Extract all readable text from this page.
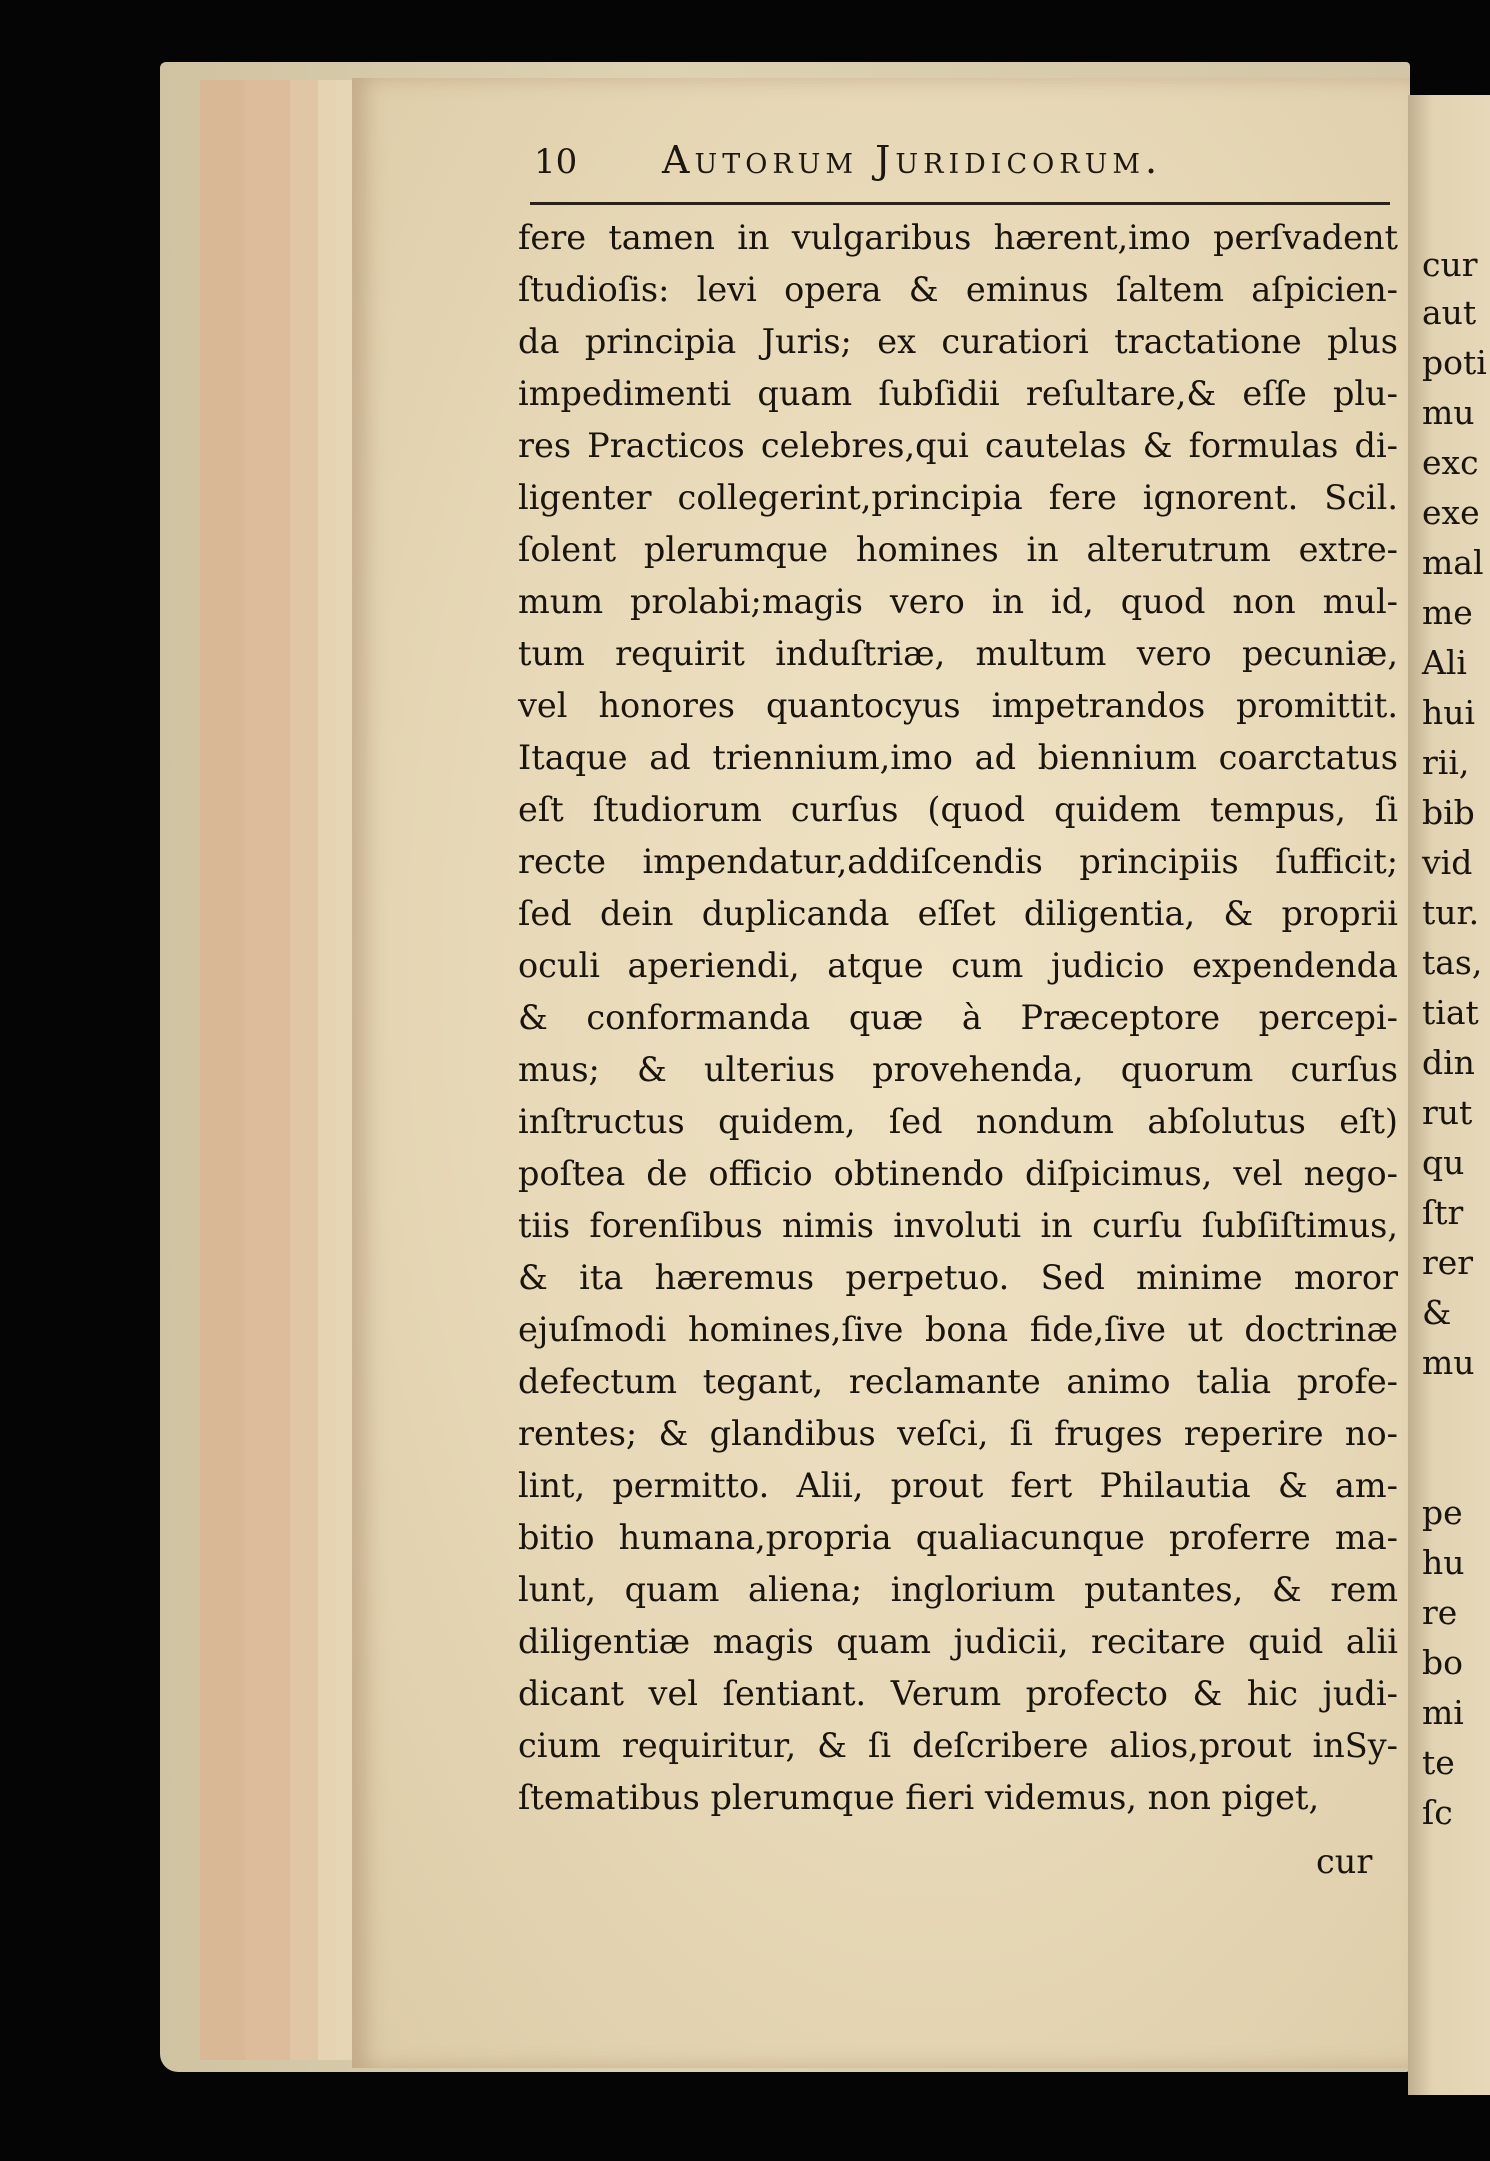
cur
aut
poti
mu
exc
exe
mal
me
Ali
hui
rii,
bib
vid
tur.
tas,
tiat
din
rut
qu
ſtr
rer
&
mu
pe
hu
re
bo
mi
te
ſc
10 Autorum Juridicorum.
fere tamen in vulgaribus hærent,imo perſvadent
ſtudioſis: levi opera & eminus ſaltem aſpicien-
da principia Juris; ex curatiori tractatione plus
impedimenti quam ſubſidii reſultare,& eſſe plu-
res Practicos celebres,qui cautelas & formulas di-
ligenter collegerint,principia fere ignorent. Scil.
ſolent plerumque homines in alterutrum extre-
mum prolabi;magis vero in id, quod non mul-
tum requirit induſtriæ, multum vero pecuniæ,
vel honores quantocyus impetrandos promittit.
Itaque ad triennium,imo ad biennium coarctatus
eſt ſtudiorum curſus (quod quidem tempus, ſi
recte impendatur,addiſcendis principiis ſufficit;
ſed dein duplicanda eſſet diligentia, & proprii
oculi aperiendi, atque cum judicio expendenda
& conformanda quæ à Præceptore percepi-
mus; & ulterius provehenda, quorum curſus
inſtructus quidem, ſed nondum abſolutus eſt)
poſtea de officio obtinendo diſpicimus, vel nego-
tiis forenſibus nimis involuti in curſu ſubſiſtimus,
& ita hæremus perpetuo. Sed minime moror
ejuſmodi homines,ſive bona fide,ſive ut doctrinæ
defectum tegant, reclamante animo talia profe-
rentes; & glandibus veſci, ſi fruges reperire no-
lint, permitto. Alii, prout fert Philautia & am-
bitio humana,propria qualiacunque proferre ma-
lunt, quam aliena; inglorium putantes, & rem
diligentiæ magis quam judicii, recitare quid alii
dicant vel ſentiant. Verum profecto & hic judi-
cium requiritur, & ſi deſcribere alios,prout inSy-
ſtematibus plerumque fieri videmus, non piget,
cur
